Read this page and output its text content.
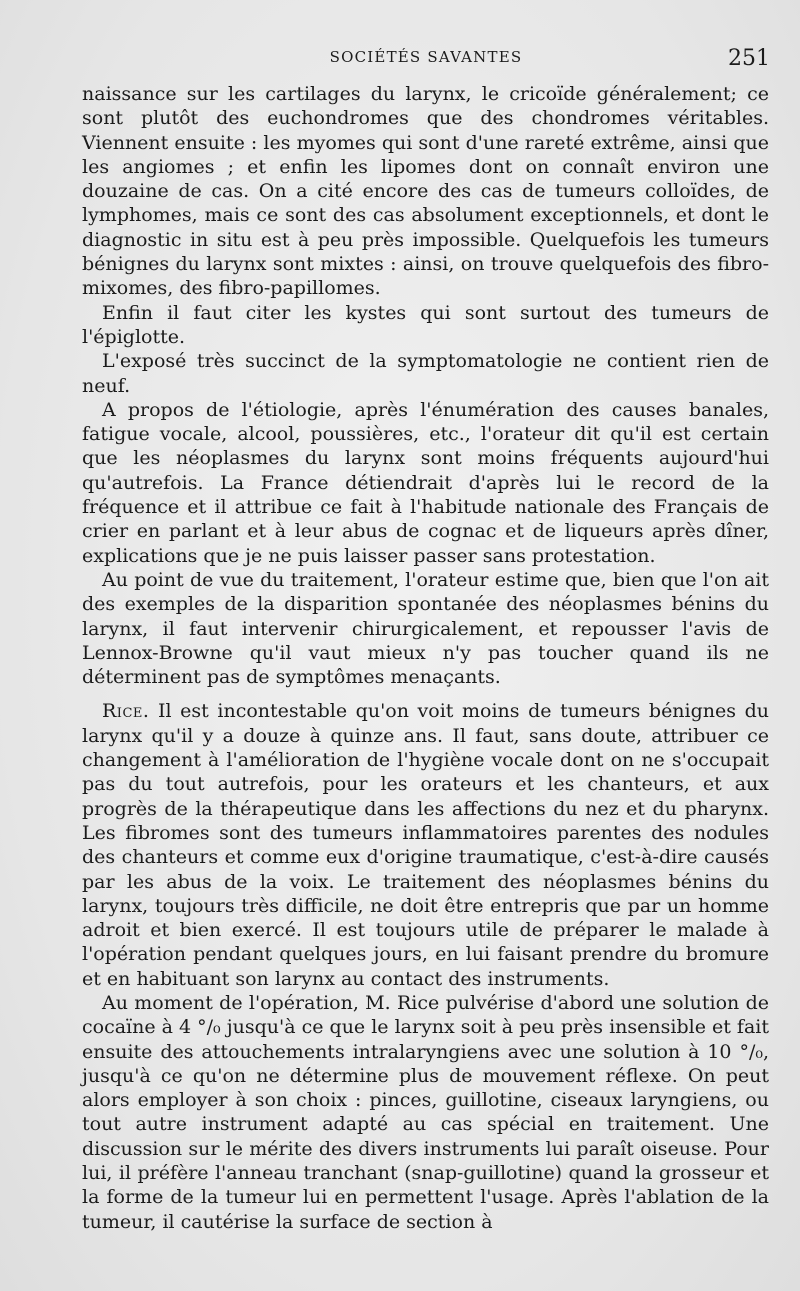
SOCIÉTÉS SAVANTES	251

naissance sur les cartilages du larynx, le cricoïde généralement; ce sont plutôt des euchondromes que des chondromes véritables. Viennent ensuite : les myomes qui sont d'une rareté extrême, ainsi que les angiomes ; et enfin les lipomes dont on connaît environ une douzaine de cas. On a cité encore des cas de tumeurs colloïdes, de lymphomes, mais ce sont des cas absolument exceptionnels, et dont le diagnostic in situ est à peu près impossible. Quelquefois les tumeurs bénignes du larynx sont mixtes : ainsi, on trouve quelquefois des fibro-mixomes, des fibro-papillomes.

Enfin il faut citer les kystes qui sont surtout des tumeurs de l'épiglotte.

L'exposé très succinct de la symptomatologie ne contient rien de neuf.

A propos de l'étiologie, après l'énumération des causes banales, fatigue vocale, alcool, poussières, etc., l'orateur dit qu'il est certain que les néoplasmes du larynx sont moins fréquents aujourd'hui qu'autrefois. La France détiendrait d'après lui le record de la fréquence et il attribue ce fait à l'habitude nationale des Français de crier en parlant et à leur abus de cognac et de liqueurs après dîner, explications que je ne puis laisser passer sans protestation.

Au point de vue du traitement, l'orateur estime que, bien que l'on ait des exemples de la disparition spontanée des néoplasmes bénins du larynx, il faut intervenir chirurgicalement, et repousser l'avis de Lennox-Browne qu'il vaut mieux n'y pas toucher quand ils ne déterminent pas de symptômes menaçants.

Rice. Il est incontestable qu'on voit moins de tumeurs bénignes du larynx qu'il y a douze à quinze ans. Il faut, sans doute, attribuer ce changement à l'amélioration de l'hygiène vocale dont on ne s'occupait pas du tout autrefois, pour les orateurs et les chanteurs, et aux progrès de la thérapeutique dans les affections du nez et du pharynx. Les fibromes sont des tumeurs inflammatoires parentes des nodules des chanteurs et comme eux d'origine traumatique, c'est-à-dire causés par les abus de la voix. Le traitement des néoplasmes bénins du larynx, toujours très difficile, ne doit être entrepris que par un homme adroit et bien exercé. Il est toujours utile de préparer le malade à l'opération pendant quelques jours, en lui faisant prendre du bromure et en habituant son larynx au contact des instruments.

Au moment de l'opération, M. Rice pulvérise d'abord une solution de cocaïne à 4 °/₀ jusqu'à ce que le larynx soit à peu près insensible et fait ensuite des attouchements intralaryngiens avec une solution à 10 °/₀, jusqu'à ce qu'on ne détermine plus de mouvement réflexe. On peut alors employer à son choix : pinces, guillotine, ciseaux laryngiens, ou tout autre instrument adapté au cas spécial en traitement. Une discussion sur le mérite des divers instruments lui paraît oiseuse. Pour lui, il préfère l'anneau tranchant (snap-guillotine) quand la grosseur et la forme de la tumeur lui en permettent l'usage. Après l'ablation de la tumeur, il cautérise la surface de section à
